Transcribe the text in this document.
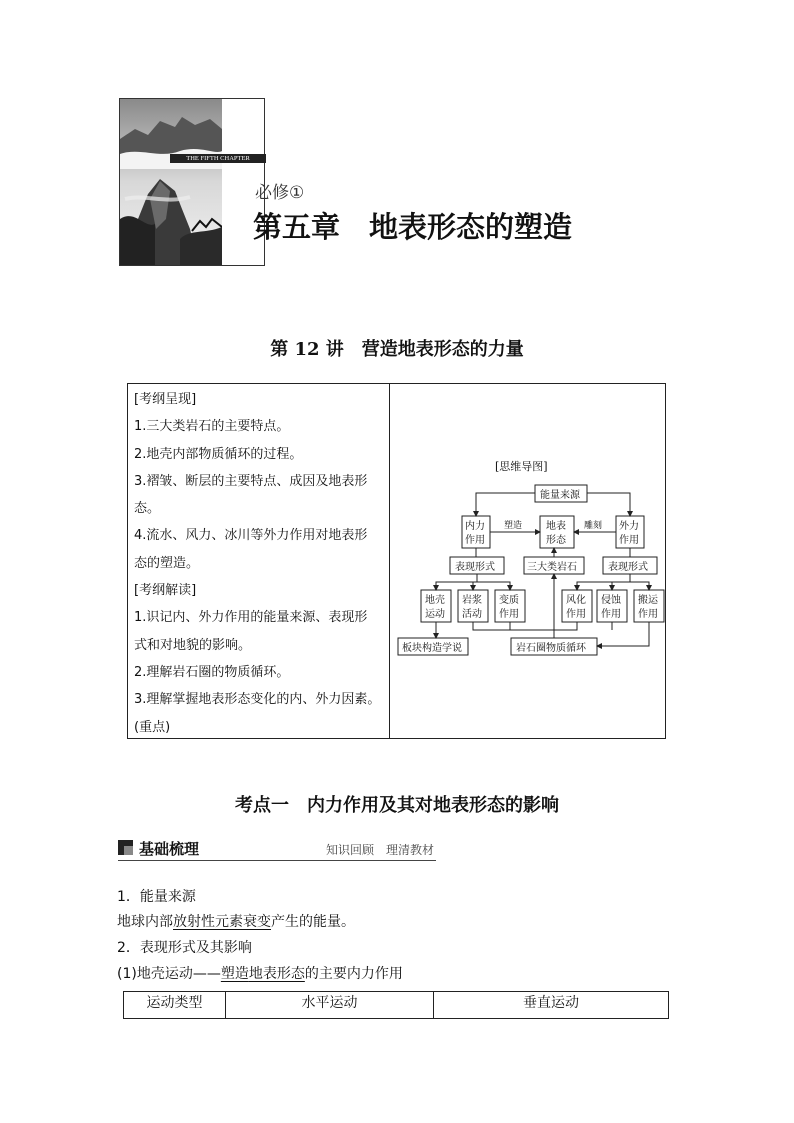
THE FIFTH CHAPTER
必修①
第五章　地表形态的塑造
第 12 讲　营造地表形态的力量
[考纲呈现]
1.三大类岩石的主要特点。
2.地壳内部物质循环的过程。
3.褶皱、断层的主要特点、成因及地表形
态。
4.流水、风力、冰川等外力作用对地表形
态的塑造。
[考纲解读]
1.识记内、外力作用的能量来源、表现形
式和对地貌的影响。
2.理解岩石圈的物质循环。
3.理解掌握地表形态变化的内、外力因素。
(重点)
[思维导图]
能量来源
内力
作用
地表
形态
外力
作用
塑造	雕刻
表现形式	三大类岩石	表现形式
地壳
运动
岩浆
活动
变质
作用
风化
作用
侵蚀
作用
搬运
作用
板块构造学说	岩石圈物质循环
考点一　内力作用及其对地表形态的影响
基础梳理	知识回顾　理清教材
1．能量来源
地球内部放射性元素衰变产生的能量。
2．表现形式及其影响
(1)地壳运动——塑造地表形态的主要内力作用
运动类型	水平运动	垂直运动
